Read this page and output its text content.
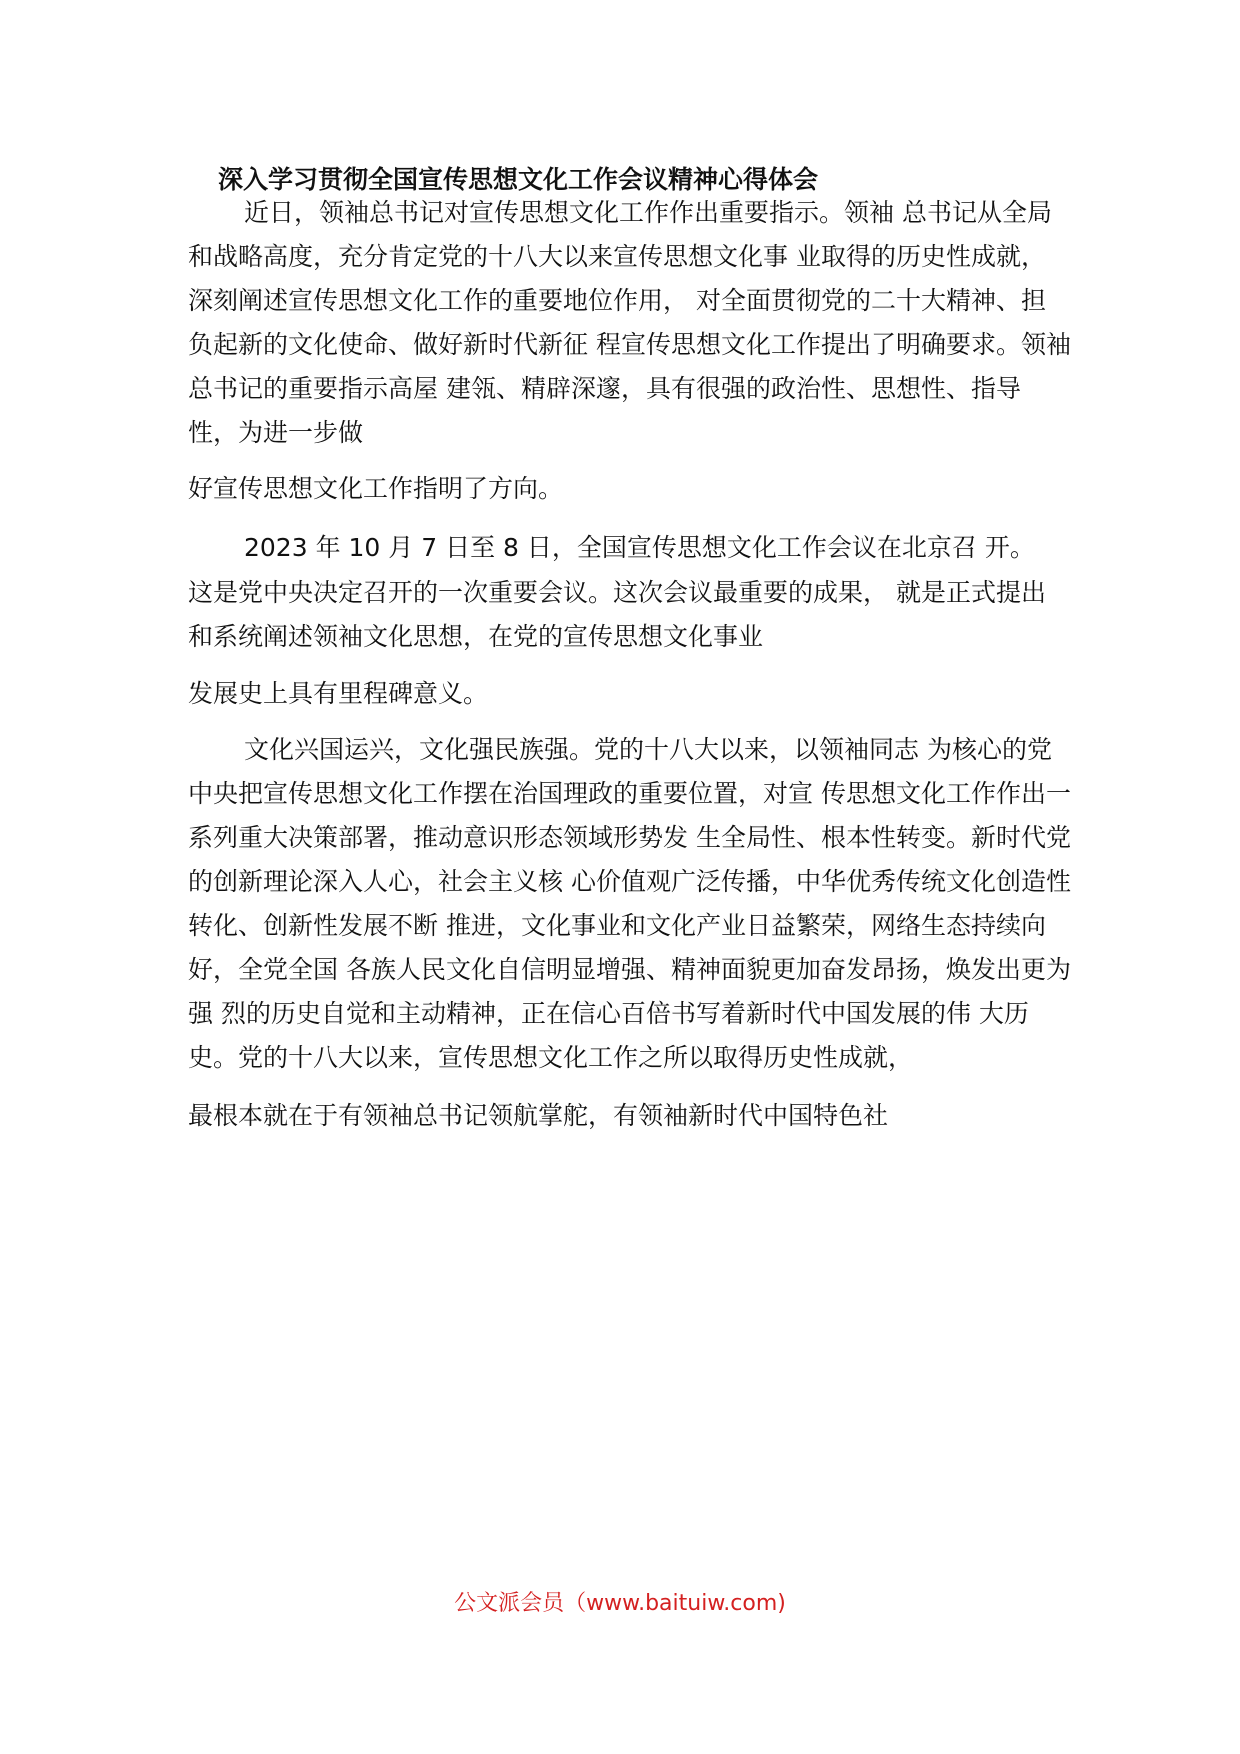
深入学习贯彻全国宣传思想文化工作会议精神心得体会
近日，领袖总书记对宣传思想文化工作作出重要指示。领袖 总书记从全局
和战略高度，充分肯定党的十八大以来宣传思想文化事 业取得的历史性成就，
深刻阐述宣传思想文化工作的重要地位作用， 对全面贯彻党的二十大精神、担
负起新的文化使命、做好新时代新征 程宣传思想文化工作提出了明确要求。领袖
总书记的重要指示高屋 建瓴、精辟深邃，具有很强的政治性、思想性、指导
性，为进一步做
好宣传思想文化工作指明了方向。
2023 年 10 月 7 日至 8 日，全国宣传思想文化工作会议在北京召 开。
这是党中央决定召开的一次重要会议。这次会议最重要的成果， 就是正式提出
和系统阐述领袖文化思想，在党的宣传思想文化事业
发展史上具有里程碑意义。
文化兴国运兴，文化强民族强。党的十八大以来，以领袖同志 为核心的党
中央把宣传思想文化工作摆在治国理政的重要位置，对宣 传思想文化工作作出一
系列重大决策部署，推动意识形态领域形势发 生全局性、根本性转变。新时代党
的创新理论深入人心，社会主义核 心价值观广泛传播，中华优秀传统文化创造性
转化、创新性发展不断 推进，文化事业和文化产业日益繁荣，网络生态持续向
好，全党全国 各族人民文化自信明显增强、精神面貌更加奋发昂扬，焕发出更为
强 烈的历史自觉和主动精神，正在信心百倍书写着新时代中国发展的伟 大历
史。党的十八大以来，宣传思想文化工作之所以取得历史性成就，
最根本就在于有领袖总书记领航掌舵，有领袖新时代中国特色社
公文派会员（www.baituiw.com)
